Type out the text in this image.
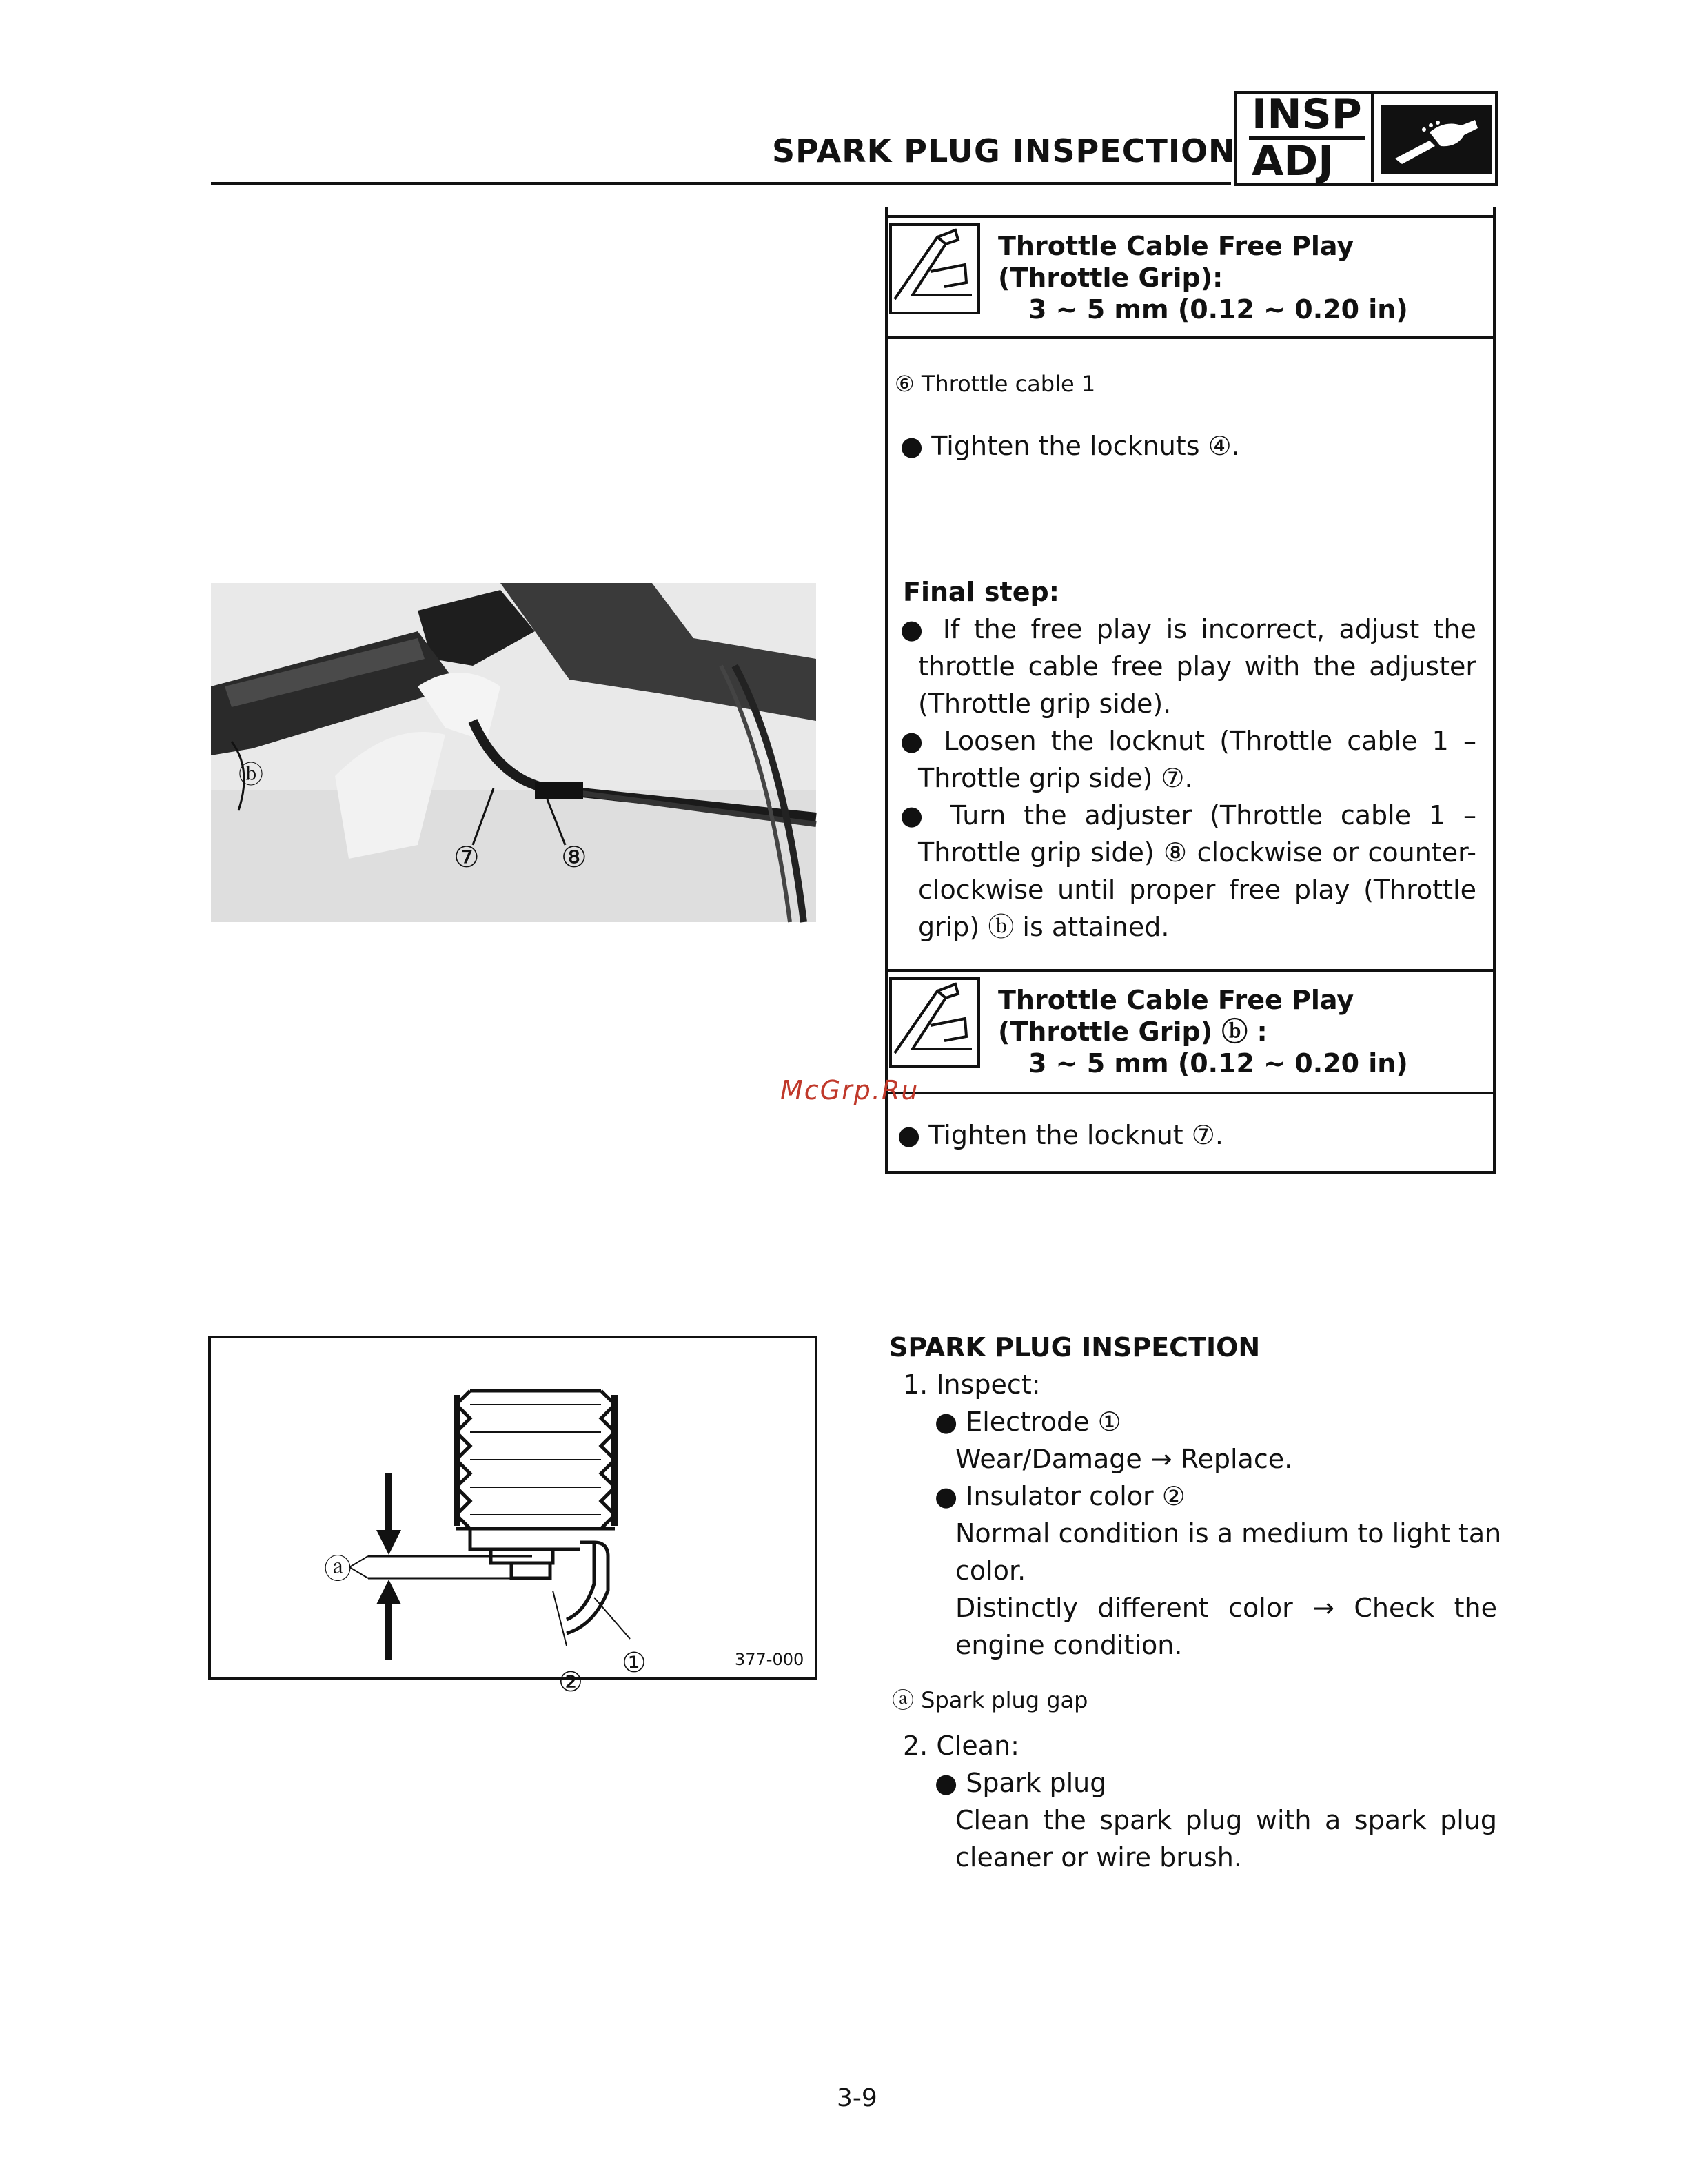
SPARK PLUG INSPECTION
INSP
ADJ
Throttle Cable Free Play
(Throttle Grip):
3 ~ 5 mm (0.12 ~ 0.20 in)
⑥ Throttle cable 1
● Tighten the locknuts ④.
Final step:
● If the free play is incorrect, adjust the
throttle cable free play with the adjuster
(Throttle grip side).
● Loosen the locknut (Throttle cable 1 –
Throttle grip side) ⑦.
● Turn the adjuster (Throttle cable 1 –
Throttle grip side) ⑧ clockwise or counter-
clockwise until proper free play (Throttle
grip) ⓑ is attained.
Throttle Cable Free Play
(Throttle Grip) ⓑ :
3 ~ 5 mm (0.12 ~ 0.20 in)
● Tighten the locknut ⑦.
McGrp.Ru
ⓑ
⑦	⑧
ⓐ
①
②
377-000
SPARK PLUG INSPECTION
1. Inspect:
● Electrode ①
Wear/Damage → Replace.
● Insulator color ②
Normal condition is a medium to light tan
color.
Distinctly different color → Check the
engine condition.
ⓐ Spark plug gap
2. Clean:
● Spark plug
Clean the spark plug with a spark plug
cleaner or wire brush.
3-9
